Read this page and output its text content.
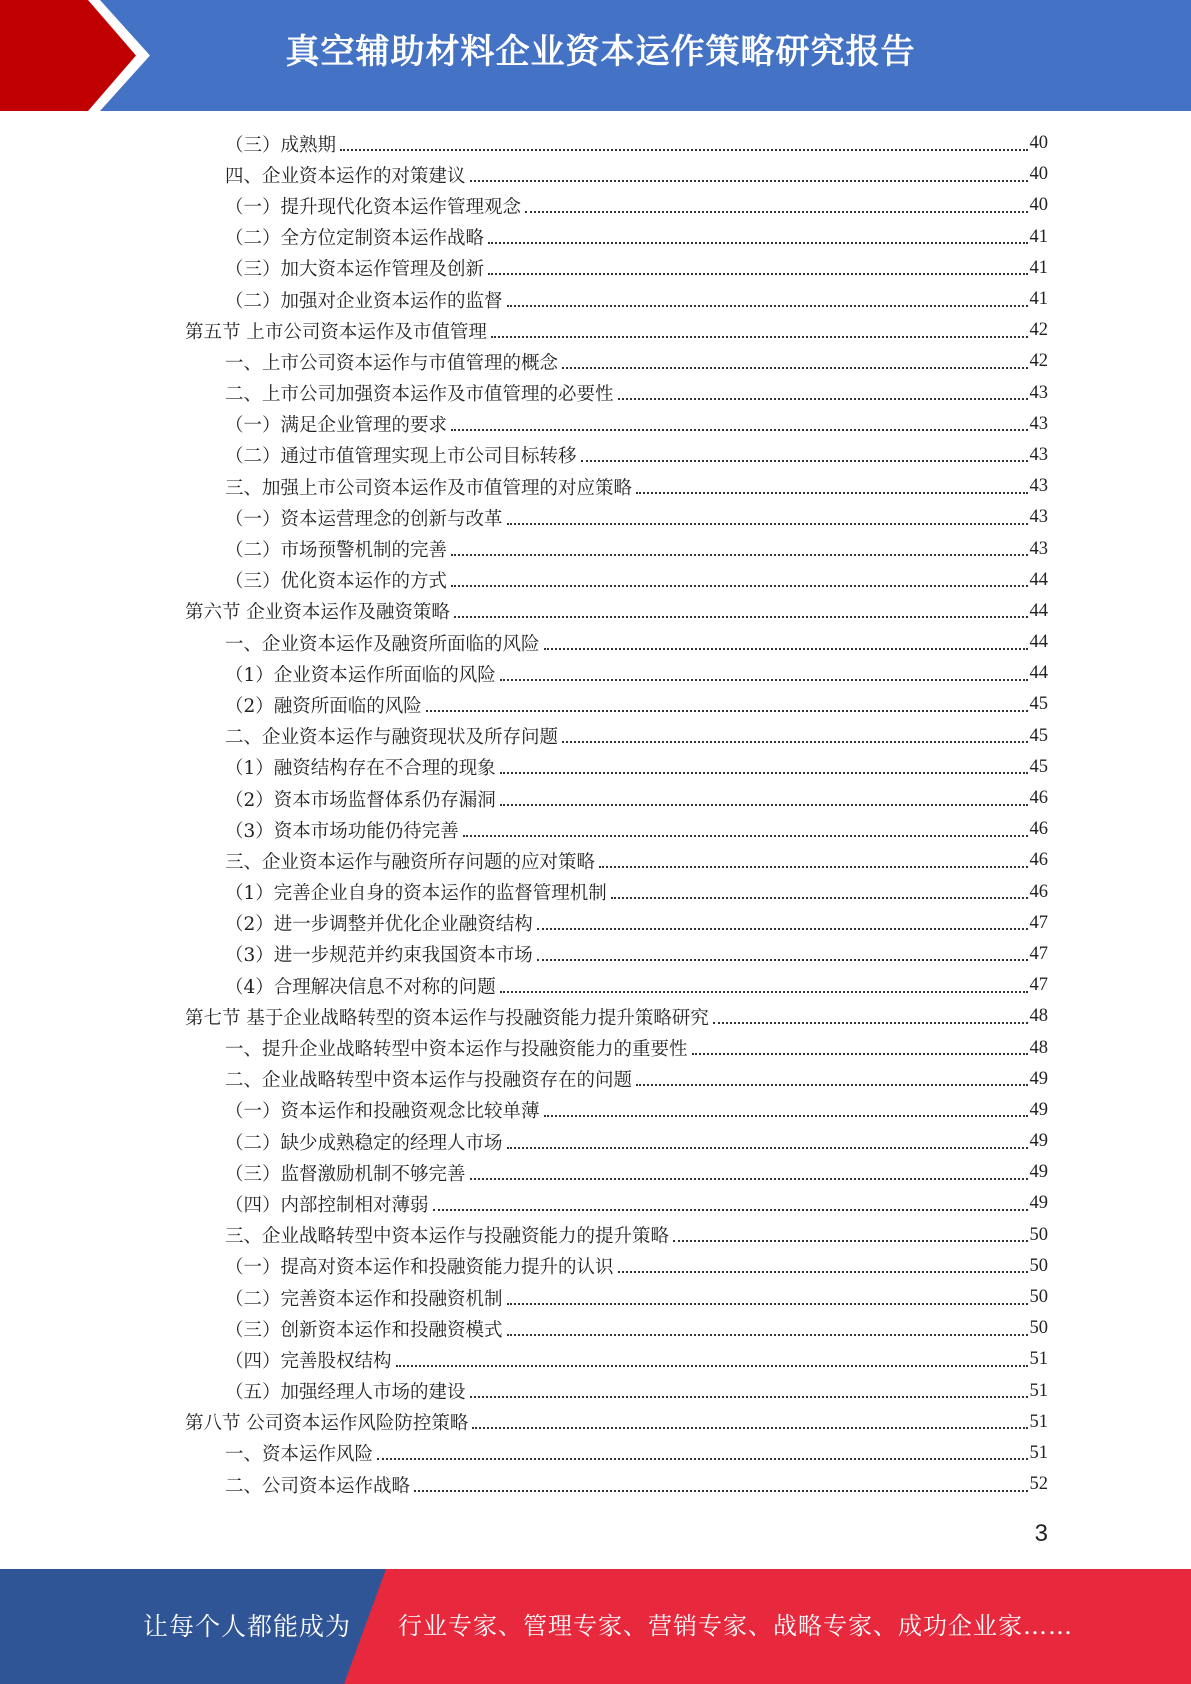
真空辅助材料企业资本运作策略研究报告
（三）成熟期	40
四、企业资本运作的对策建议	40
（一）提升现代化资本运作管理观念	40
（二）全方位定制资本运作战略	41
（三）加大资本运作管理及创新	41
（二）加强对企业资本运作的监督	41
第五节 上市公司资本运作及市值管理	42
一、上市公司资本运作与市值管理的概念	42
二、上市公司加强资本运作及市值管理的必要性	43
（一）满足企业管理的要求	43
（二）通过市值管理实现上市公司目标转移	43
三、加强上市公司资本运作及市值管理的对应策略	43
（一）资本运营理念的创新与改革	43
（二）市场预警机制的完善	43
（三）优化资本运作的方式	44
第六节 企业资本运作及融资策略	44
一、企业资本运作及融资所面临的风险	44
（1）企业资本运作所面临的风险	44
（2）融资所面临的风险	45
二、企业资本运作与融资现状及所存问题	45
（1）融资结构存在不合理的现象	45
（2）资本市场监督体系仍存漏洞	46
（3）资本市场功能仍待完善	46
三、企业资本运作与融资所存问题的应对策略	46
（1）完善企业自身的资本运作的监督管理机制	46
（2）进一步调整并优化企业融资结构	47
（3）进一步规范并约束我国资本市场	47
（4）合理解决信息不对称的问题	47
第七节 基于企业战略转型的资本运作与投融资能力提升策略研究	48
一、提升企业战略转型中资本运作与投融资能力的重要性	48
二、企业战略转型中资本运作与投融资存在的问题	49
（一）资本运作和投融资观念比较单薄	49
（二）缺少成熟稳定的经理人市场	49
（三）监督激励机制不够完善	49
（四）内部控制相对薄弱	49
三、企业战略转型中资本运作与投融资能力的提升策略	50
（一）提高对资本运作和投融资能力提升的认识	50
（二）完善资本运作和投融资机制	50
（三）创新资本运作和投融资模式	50
（四）完善股权结构	51
（五）加强经理人市场的建设	51
第八节 公司资本运作风险防控策略	51
一、资本运作风险	51
二、公司资本运作战略	52
3
让每个人都能成为 行业专家、管理专家、营销专家、战略专家、成功企业家……
